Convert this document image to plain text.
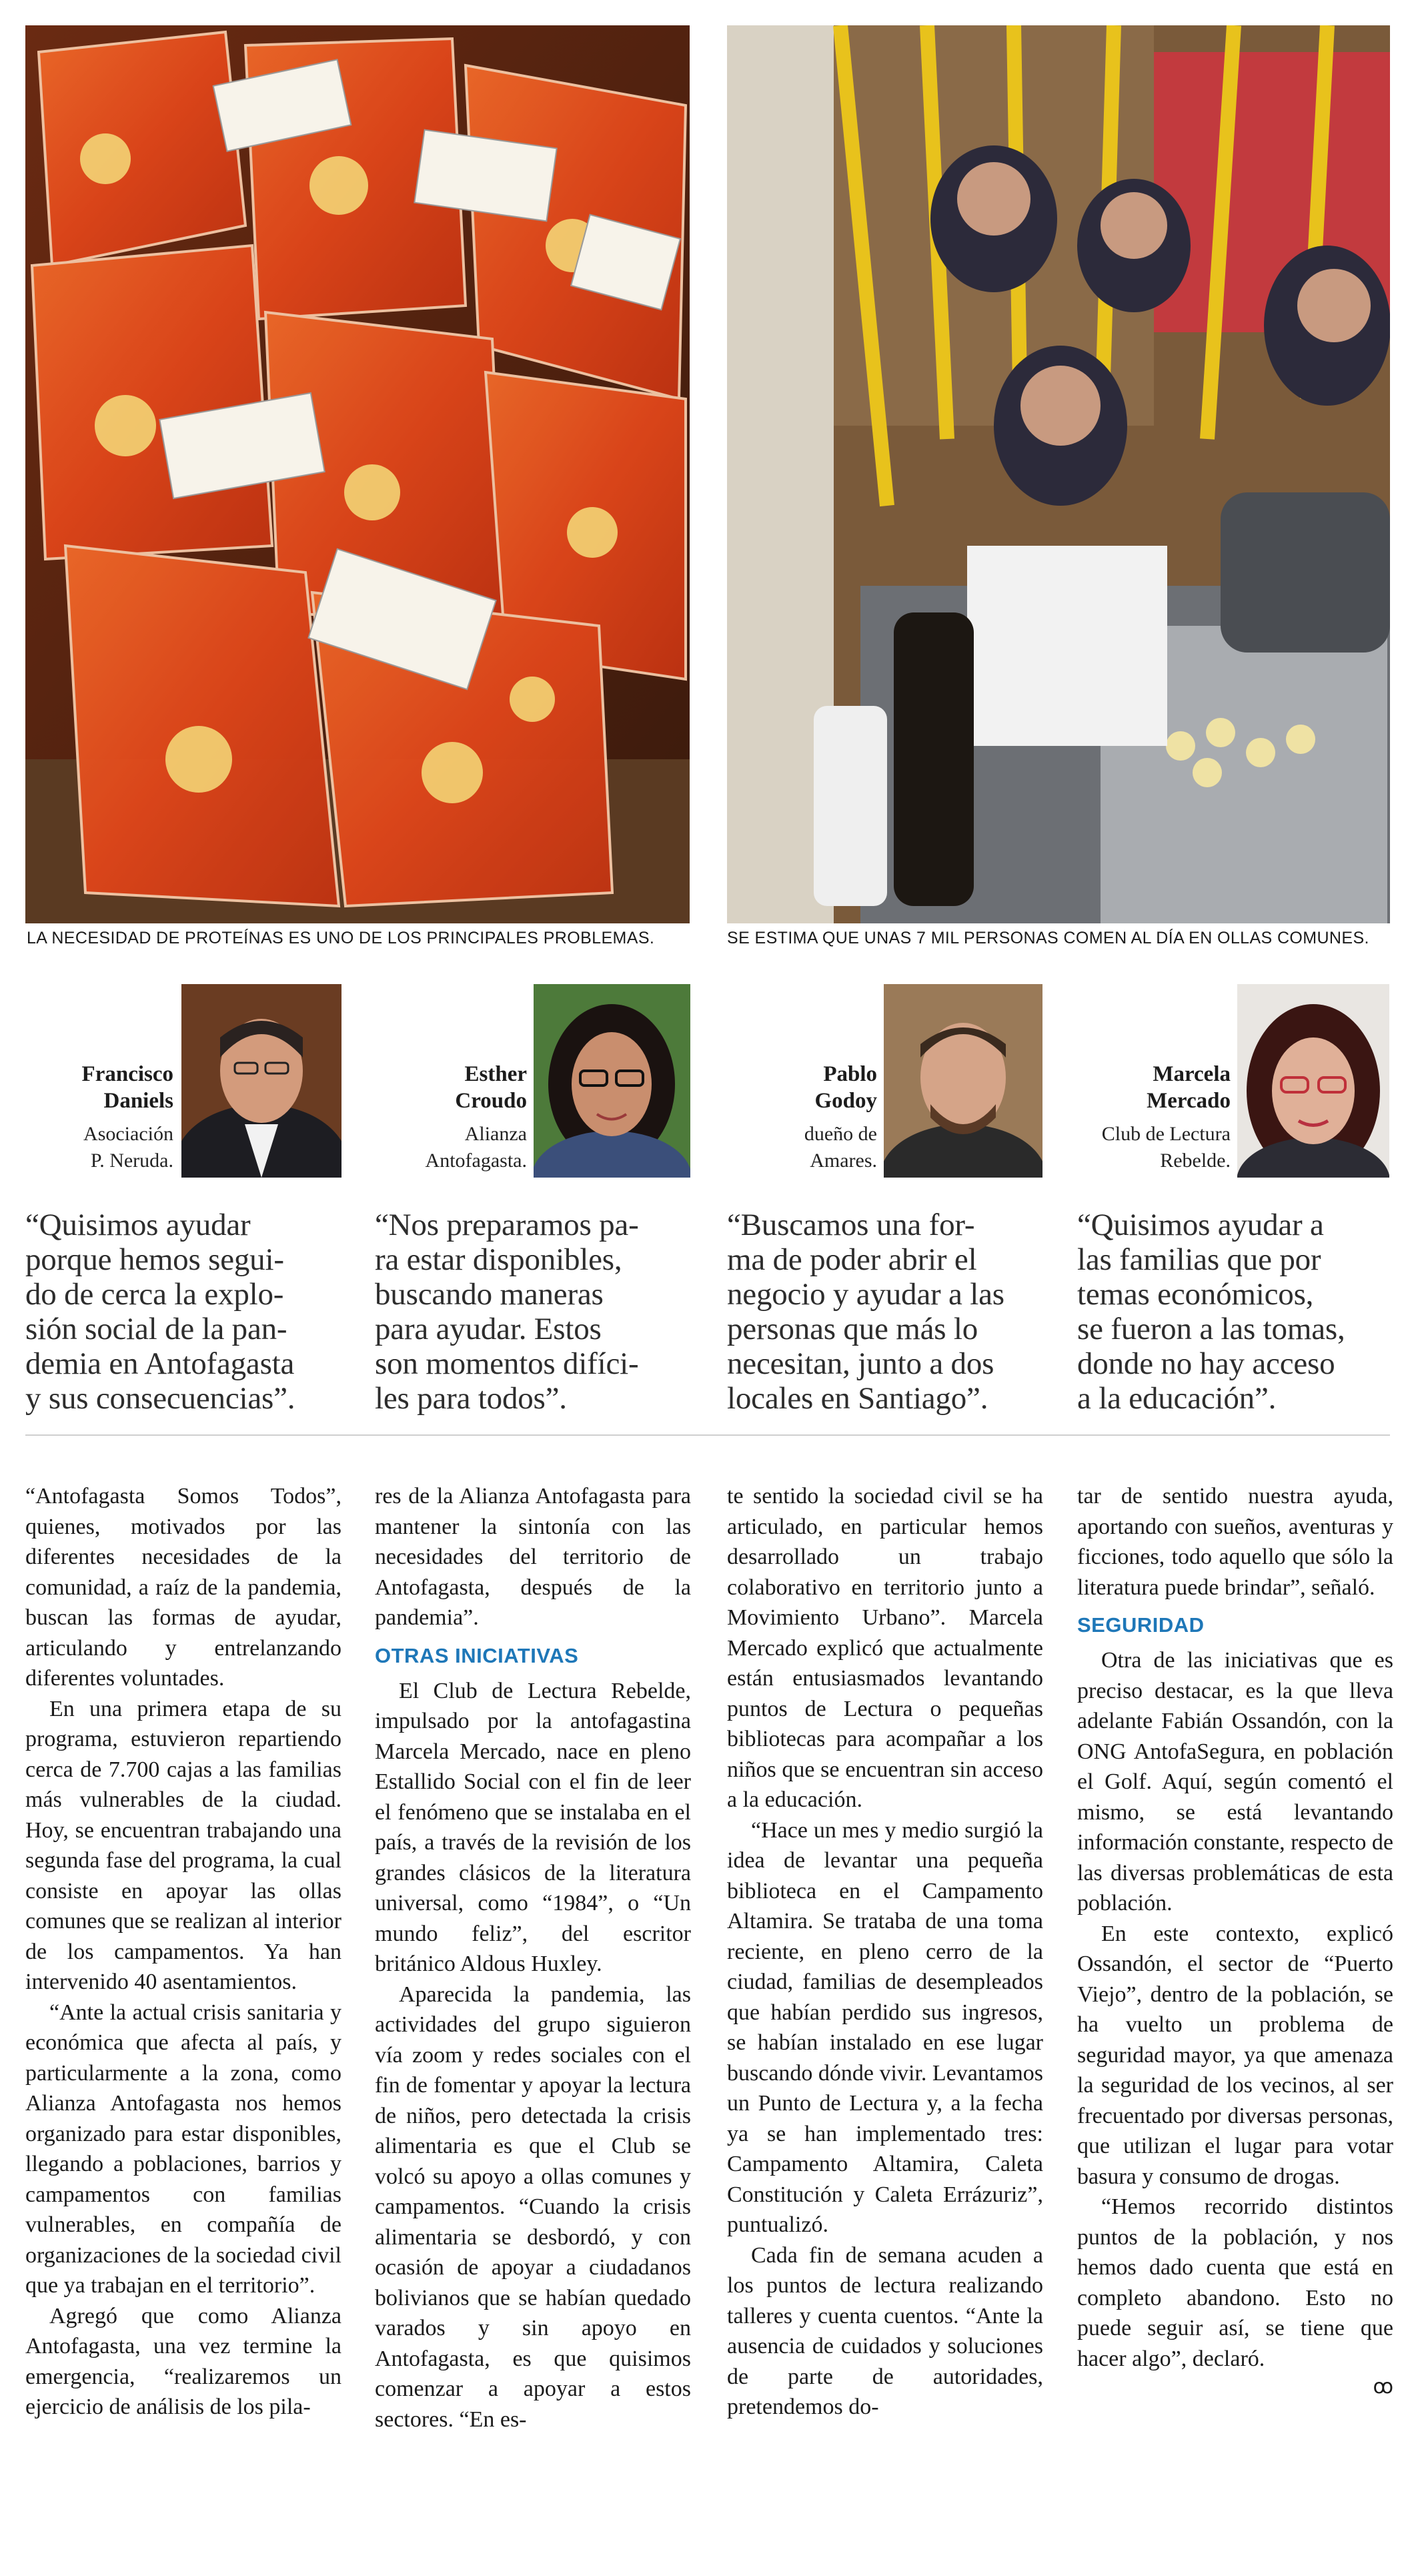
LA NECESIDAD DE PROTEÍNAS ES UNO DE LOS PRINCIPALES PROBLEMAS.	SE ESTIMA QUE UNAS 7 MIL PERSONAS COMEN AL DÍA EN OLLAS COMUNES.
Francisco
Daniels
Asociación
P. Neruda.
“Quisimos ayudar
porque hemos segui-
do de cerca la explo-
sión social de la pan-
demia en Antofagasta
y sus consecuencias”.
Esther
Croudo
Alianza
Antofagasta.
“Nos preparamos pa-
ra estar disponibles,
buscando maneras
para ayudar. Estos
son momentos difíci-
les para todos”.
Pablo
Godoy
dueño de
Amares.
“Buscamos una for-
ma de poder abrir el
negocio y ayudar a las
personas que más lo
necesitan, junto a dos
locales en Santiago”.
Marcela
Mercado
Club de Lectura
Rebelde.
“Quisimos ayudar a
las familias que por
temas económicos,
se fueron a las tomas,
donde no hay acceso
a la educación”.

“Antofagasta Somos Todos”, quienes, motivados por las diferentes necesidades de la comunidad, a raíz de la pandemia, buscan las formas de ayudar, articulando y entrelanzando diferentes voluntades.

En una primera etapa de su programa, estuvieron repartiendo cerca de 7.700 cajas a las familias más vulnerables de la ciudad. Hoy, se encuentran trabajando una segunda fase del programa, la cual consiste en apoyar las ollas comunes que se realizan al interior de los campamentos. Ya han intervenido 40 asentamientos.

“Ante la actual crisis sanitaria y económica que afecta al país, y particularmente a la zona, como Alianza Antofagasta nos hemos organizado para estar disponibles, llegando a poblaciones, barrios y campamentos con familias vulnerables, en compañía de organizaciones de la sociedad civil que ya trabajan en el territorio”.

Agregó que como Alianza Antofagasta, una vez termine la emergencia, “realizaremos un ejercicio de análisis de los pila-

res de la Alianza Antofagasta para mantener la sintonía con las necesidades del territorio de Antofagasta, después de la pandemia”.

OTRAS INICIATIVAS

El Club de Lectura Rebelde, impulsado por la antofagastina Marcela Mercado, nace en pleno Estallido Social con el fin de leer el fenómeno que se instalaba en el país, a través de la revisión de los grandes clásicos de la literatura universal, como “1984”, o “Un mundo feliz”, del escritor británico Aldous Huxley.

Aparecida la pandemia, las actividades del grupo siguieron vía zoom y redes sociales con el fin de fomentar y apoyar la lectura de niños, pero detectada la crisis alimentaria es que el Club se volcó su apoyo a ollas comunes y campamentos. “Cuando la crisis alimentaria se desbordó, y con ocasión de apoyar a ciudadanos bolivianos que se habían quedado varados y sin apoyo en Antofagasta, es que quisimos comenzar a apoyar a estos sectores. “En es-

te sentido la sociedad civil se ha articulado, en particular hemos desarrollado un trabajo colaborativo en territorio junto a Movimiento Urbano”. Marcela Mercado explicó que actualmente están entusiasmados levantando puntos de Lectura o pequeñas bibliotecas para acompañar a los niños que se encuentran sin acceso a la educación.

“Hace un mes y medio surgió la idea de levantar una pequeña biblioteca en el Campamento Altamira. Se trataba de una toma reciente, en pleno cerro de la ciudad, familias de desempleados que habían perdido sus ingresos, se habían instalado en ese lugar buscando dónde vivir. Levantamos un Punto de Lectura y, a la fecha ya se han implementado tres: Campamento Altamira, Caleta Constitución y Caleta Errázuriz”, puntualizó.

Cada fin de semana acuden a los puntos de lectura realizando talleres y cuenta cuentos. “Ante la ausencia de cuidados y soluciones de parte de autoridades, pretendemos do-

tar de sentido nuestra ayuda, aportando con sueños, aventuras y ficciones, todo aquello que sólo la literatura puede brindar”, señaló.

SEGURIDAD

Otra de las iniciativas que es preciso destacar, es la que lleva adelante Fabián Ossandón, con la ONG AntofaSegura, en población el Golf. Aquí, según comentó el mismo, se está levantando información constante, respecto de las diversas problemáticas de esta población.

En este contexto, explicó Ossandón, el sector de “Puerto Viejo”, dentro de la población, se ha vuelto un problema de seguridad mayor, ya que amenaza la seguridad de los vecinos, al ser frecuentado por diversas personas, que utilizan el lugar para votar basura y consumo de drogas.

“Hemos recorrido distintos puntos de la población, y nos hemos dado cuenta que está en completo abandono. Esto no puede seguir así, se tiene que hacer algo”, declaró.

ꝏ
